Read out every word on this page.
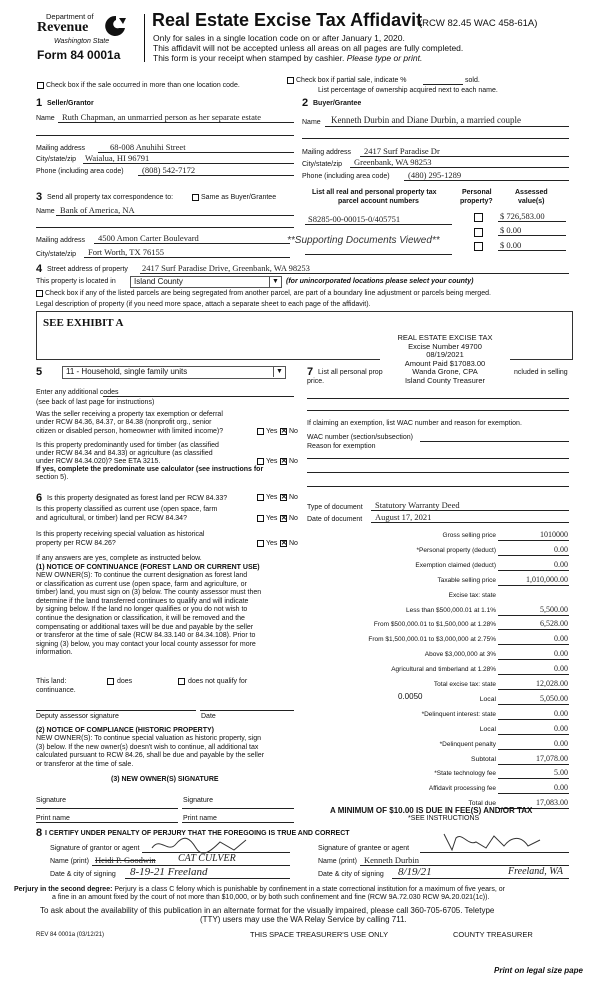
Department of
Revenue
Washington State
Form 84 0001a
Real Estate Excise Tax Affidavit
(RCW 82.45 WAC 458-61A)
Only for sales in a single location code on or after January 1, 2020.
This affidavit will not be accepted unless all areas on all pages are fully completed.
This form is your receipt when stamped by cashier. Please type or print.
Check box if the sale occurred in more than one location code.
Check box if partial sale, indicate %	sold.
List percentage of ownership acquired next to each name.
1 Seller/Grantor
Name Ruth Chapman, an unmarried person as her separate estate
Mailing address	68-008 Anuhihi Street
City/state/zip Waialua, HI 96791
Phone (including area code) (808) 542-7172
2 Buyer/Grantee
Name Kenneth Durbin and Diane Durbin, a married couple
Mailing address 2417 Surf Paradise Dr
City/state/zip Greenbank, WA 98253
Phone (including area code) (480) 295-1289
3 Send all property tax correspondence to:	Same as Buyer/Grantee
Name Bank of America, NA
Mailing address 4500 Amon Carter Boulevard
City/state/zip Fort Worth, TX 76155
List all real and personal property tax
parcel account numbers
Personal
property?
Assessed
value(s)
S8285-00-00015-0/405751	$ 726,583.00
$ 0.00
$ 0.00
**Supporting Documents Viewed**
4 Street address of property 2417 Surf Paradise Drive, Greenbank, WA 98253
This property is located in	Island County	▼ (for unincorporated locations please select your county)
Check box if any of the listed parcels are being segregated from another parcel, are part of a boundary line adjustment or parcels being merged.
Legal description of property (if you need more space, attach a separate sheet to each page of the affidavit).
SEE EXHIBIT A
REAL ESTATE EXCISE TAX
Excise Number 49700
08/19/2021
Amount Paid $17083.00
Wanda Grone, CPA
Island County Treasurer
5	11 - Household, single family units	▼
Enter any additional codes
(see back of last page for instructions)
Was the seller receiving a property tax exemption or deferral
under RCW 84.36, 84.37, or 84.38 (nonprofit org., senior
citizen or disabled person, homeowner with limited income)?	Yes ✕ No
Is this property predominantly used for timber (as classified
under RCW 84.34 and 84.33) or agriculture (as classified
under RCW 84.34.020)? See ETA 3215.	Yes ✕ No
If yes, complete the predominate use calculator (see instructions for
section 5).
7 List all personal prop	ncluded in selling
price.
If claiming an exemption, list WAC number and reason for exemption.
WAC number (section/subsection)
Reason for exemption
Type of document Statutory Warranty Deed
Date of document August 17, 2021
6 Is this property designated as forest land per RCW 84.33?	Yes ✕ No
Is this property classified as current use (open space, farm
and agricultural, or timber) land per RCW 84.34?	Yes ✕ No
Is this property receiving special valuation as historical
property per RCW 84.26?	Yes ✕ No
If any answers are yes, complete as instructed below.
(1) NOTICE OF CONTINUANCE (FOREST LAND OR CURRENT USE)
NEW OWNER(S): To continue the current designation as forest land
or classification as current use (open space, farm and agriculture, or
timber) land, you must sign on (3) below. The county assessor must then
determine if the land transferred continues to qualify and will indicate
by signing below. If the land no longer qualifies or you do not wish to
continue the designation or classification, it will be removed and the
compensating or additional taxes will be due and payable by the seller
or transferor at the time of sale (RCW 84.33.140 or 84.34.108). Prior to
signing (3) below, you may contact your local county assessor for more
information.
This land:	does	does not qualify for
continuance.
Deputy assessor signature	Date
(2) NOTICE OF COMPLIANCE (HISTORIC PROPERTY)
NEW OWNER(S): To continue special valuation as historic property, sign
(3) below. If the new owner(s) doesn't wish to continue, all additional tax
calculated pursuant to RCW 84.26, shall be due and payable by the seller
or transferor at the time of sale.
(3) NEW OWNER(S) SIGNATURE
Signature	Signature
Print name	Print name
Gross selling price	1010000
*Personal property (deduct)	0.00
Exemption claimed (deduct)	0.00
Taxable selling price	1,010,000.00
Excise tax: state
Less than $500,000.01 at 1.1%	5,500.00
From $500,000.01 to $1,500,000 at 1.28%	6,528.00
From $1,500,000.01 to $3,000,000 at 2.75%	0.00
Above $3,000,000 at 3%	0.00
Agricultural and timberland at 1.28%	0.00
Total excise tax: state	12,028.00
Local	5,050.00
*Delinquent interest: state	0.00
Local	0.00
*Delinquent penalty	0.00
Subtotal	17,078.00
*State technology fee	5.00
Affidavit processing fee	0.00
Total due	17,083.00
0.0050
A MINIMUM OF $10.00 IS DUE IN FEE(S) AND/OR TAX
*SEE INSTRUCTIONS
8 I CERTIFY UNDER PENALTY OF PERJURY THAT THE FOREGOING IS TRUE AND CORRECT
Signature of grantor or agent
Name (print) Heidi P. Goodwin CAT CULVER
Date & city of signing 8-19-21 Freeland
Signature of grantee or agent
Name (print) Kenneth Durbin
Date & city of signing 8/19/21	Freeland, WA
Perjury in the second degree: Perjury is a class C felony which is punishable by confinement in a state correctional institution for a maximum of five years, or
a fine in an amount fixed by the court of not more than $10,000, or by both such confinement and fine (RCW 9A.72.030 RCW 9A.20.021(1c)).
To ask about the availability of this publication in an alternate format for the visually impaired, please call 360-705-6705. Teletype
(TTY) users may use the WA Relay Service by calling 711.
REV 84 0001a (03/12/21)	THIS SPACE TREASURER'S USE ONLY	COUNTY TREASURER
Print on legal size pape
